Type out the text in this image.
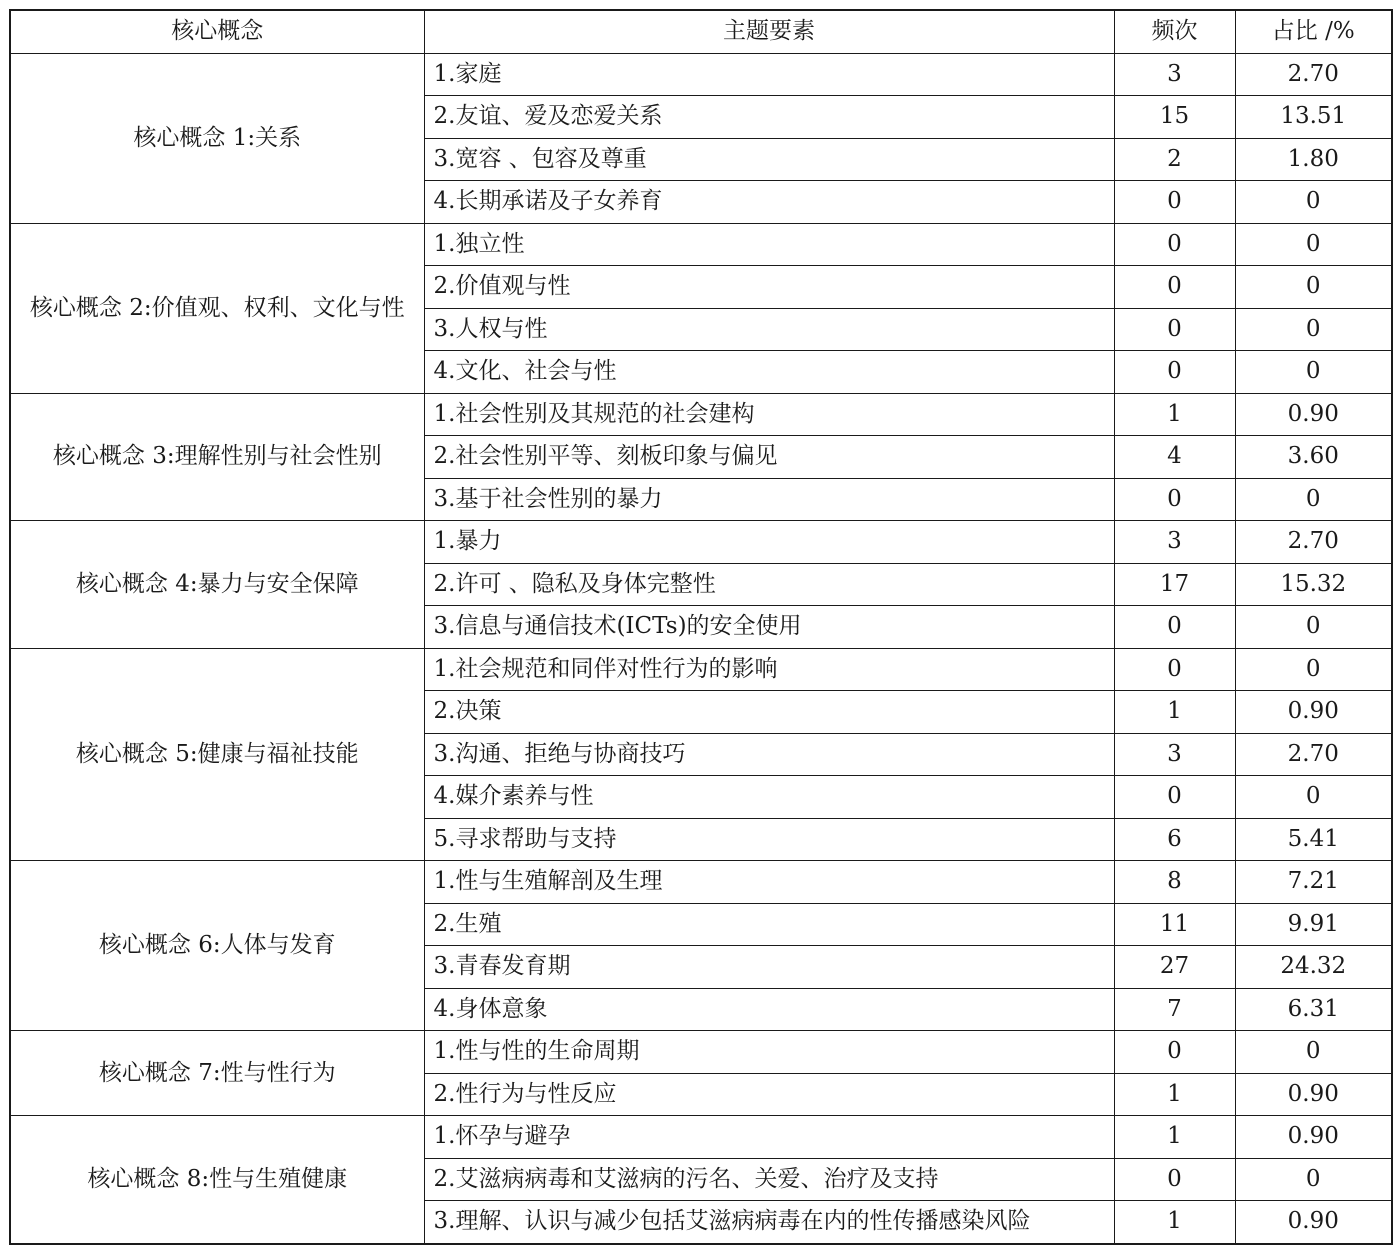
核心概念	主题要素	频次	占比 /%
核心概念 1:关系	1.家庭	3	2.70
	2.友谊、爱及恋爱关系	15	13.51
	3.宽容 、包容及尊重	2	1.80
	4.长期承诺及子女养育	0	0
核心概念 2:价值观、权利、文化与性	1.独立性	0	0
	2.价值观与性	0	0
	3.人权与性	0	0
	4.文化、社会与性	0	0
核心概念 3:理解性别与社会性别	1.社会性别及其规范的社会建构	1	0.90
	2.社会性别平等、刻板印象与偏见	4	3.60
	3.基于社会性别的暴力	0	0
核心概念 4:暴力与安全保障	1.暴力	3	2.70
	2.许可 、隐私及身体完整性	17	15.32
	3.信息与通信技术(ICTs)的安全使用	0	0
核心概念 5:健康与福祉技能	1.社会规范和同伴对性行为的影响	0	0
	2.决策	1	0.90
	3.沟通、拒绝与协商技巧	3	2.70
	4.媒介素养与性	0	0
	5.寻求帮助与支持	6	5.41
核心概念 6:人体与发育	1.性与生殖解剖及生理	8	7.21
	2.生殖	11	9.91
	3.青春发育期	27	24.32
	4.身体意象	7	6.31
核心概念 7:性与性行为	1.性与性的生命周期	0	0
	2.性行为与性反应	1	0.90
核心概念 8:性与生殖健康	1.怀孕与避孕	1	0.90
	2.艾滋病病毒和艾滋病的污名、关爱、治疗及支持	0	0
	3.理解、认识与减少包括艾滋病病毒在内的性传播感染风险	1	0.90
